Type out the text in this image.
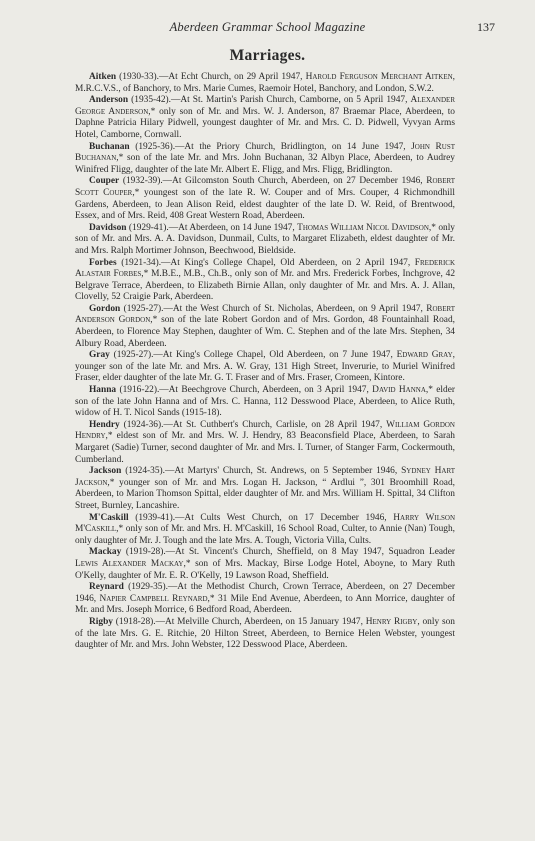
Aberdeen Grammar School Magazine	137
Marriages.

Aitken (1930-33).—At Echt Church, on 29 April 1947, Harold Ferguson Merchant Aitken, M.R.C.V.S., of Banchory, to Mrs. Marie Cumes, Raemoir Hotel, Banchory, and London, S.W.2.

Anderson (1935-42).—At St. Martin's Parish Church, Camborne, on 5 April 1947, Alexander George Anderson,* only son of Mr. and Mrs. W. J. Anderson, 87 Braemar Place, Aberdeen, to Daphne Patricia Hilary Pidwell, youngest daughter of Mr. and Mrs. C. D. Pidwell, Vyvyan Arms Hotel, Camborne, Cornwall.

Buchanan (1925-36).—At the Priory Church, Bridlington, on 14 June 1947, John Rust Buchanan,* son of the late Mr. and Mrs. John Buchanan, 32 Albyn Place, Aberdeen, to Audrey Winifred Fligg, daughter of the late Mr. Albert E. Fligg, and Mrs. Fligg, Bridlington.

Couper (1932-39).—At Gilcomston South Church, Aberdeen, on 27 December 1946, Robert Scott Couper,* youngest son of the late R. W. Couper and of Mrs. Couper, 4 Richmondhill Gardens, Aberdeen, to Jean Alison Reid, eldest daughter of the late D. W. Reid, of Brentwood, Essex, and of Mrs. Reid, 408 Great Western Road, Aberdeen.

Davidson (1929-41).—At Aberdeen, on 14 June 1947, Thomas William Nicol Davidson,* only son of Mr. and Mrs. A. A. Davidson, Dunmail, Cults, to Margaret Elizabeth, eldest daughter of Mr. and Mrs. Ralph Mortimer Johnson, Beechwood, Bieldside.

Forbes (1921-34).—At King's College Chapel, Old Aberdeen, on 2 April 1947, Frederick Alastair Forbes,* M.B.E., M.B., Ch.B., only son of Mr. and Mrs. Frederick Forbes, Inchgrove, 42 Belgrave Terrace, Aberdeen, to Elizabeth Birnie Allan, only daughter of Mr. and Mrs. A. J. Allan, Clovelly, 52 Craigie Park, Aberdeen.

Gordon (1925-27).—At the West Church of St. Nicholas, Aberdeen, on 9 April 1947, Robert Anderson Gordon,* son of the late Robert Gordon and of Mrs. Gordon, 48 Fountainhall Road, Aberdeen, to Florence May Stephen, daughter of Wm. C. Stephen and of the late Mrs. Stephen, 34 Albury Road, Aberdeen.

Gray (1925-27).—At King's College Chapel, Old Aberdeen, on 7 June 1947, Edward Gray, younger son of the late Mr. and Mrs. A. W. Gray, 131 High Street, Inverurie, to Muriel Winifred Fraser, elder daughter of the late Mr. G. T. Fraser and of Mrs. Fraser, Cromeen, Kintore.

Hanna (1916-22).—At Beechgrove Church, Aberdeen, on 3 April 1947, David Hanna,* elder son of the late John Hanna and of Mrs. C. Hanna, 112 Desswood Place, Aberdeen, to Alice Ruth, widow of H. T. Nicol Sands (1915-18).

Hendry (1924-36).—At St. Cuthbert's Church, Carlisle, on 28 April 1947, William Gordon Hendry,* eldest son of Mr. and Mrs. W. J. Hendry, 83 Beaconsfield Place, Aberdeen, to Sarah Margaret (Sadie) Turner, second daughter of Mr. and Mrs. I. Turner, of Stanger Farm, Cockermouth, Cumberland.

Jackson (1924-35).—At Martyrs' Church, St. Andrews, on 5 September 1946, Sydney Hart Jackson,* younger son of Mr. and Mrs. Logan H. Jackson, “ Ardlui ”, 301 Broomhill Road, Aberdeen, to Marion Thomson Spittal, elder daughter of Mr. and Mrs. William H. Spittal, 34 Clifton Street, Burnley, Lancashire.

M'Caskill (1939-41).—At Cults West Church, on 17 December 1946, Harry Wilson M'Caskill,* only son of Mr. and Mrs. H. M'Caskill, 16 School Road, Culter, to Annie (Nan) Tough, only daughter of Mr. J. Tough and the late Mrs. A. Tough, Victoria Villa, Cults.

Mackay (1919-28).—At St. Vincent's Church, Sheffield, on 8 May 1947, Squadron Leader Lewis Alexander Mackay,* son of Mrs. Mackay, Birse Lodge Hotel, Aboyne, to Mary Ruth O'Kelly, daughter of Mr. E. R. O'Kelly, 19 Lawson Road, Sheffield.

Reynard (1929-35).—At the Methodist Church, Crown Terrace, Aberdeen, on 27 December 1946, Napier Campbell Reynard,* 31 Mile End Avenue, Aberdeen, to Ann Morrice, daughter of Mr. and Mrs. Joseph Morrice, 6 Bedford Road, Aberdeen.

Rigby (1918-28).—At Melville Church, Aberdeen, on 15 January 1947, Henry Rigby, only son of the late Mrs. G. E. Ritchie, 20 Hilton Street, Aberdeen, to Bernice Helen Webster, youngest daughter of Mr. and Mrs. John Webster, 122 Desswood Place, Aberdeen.
